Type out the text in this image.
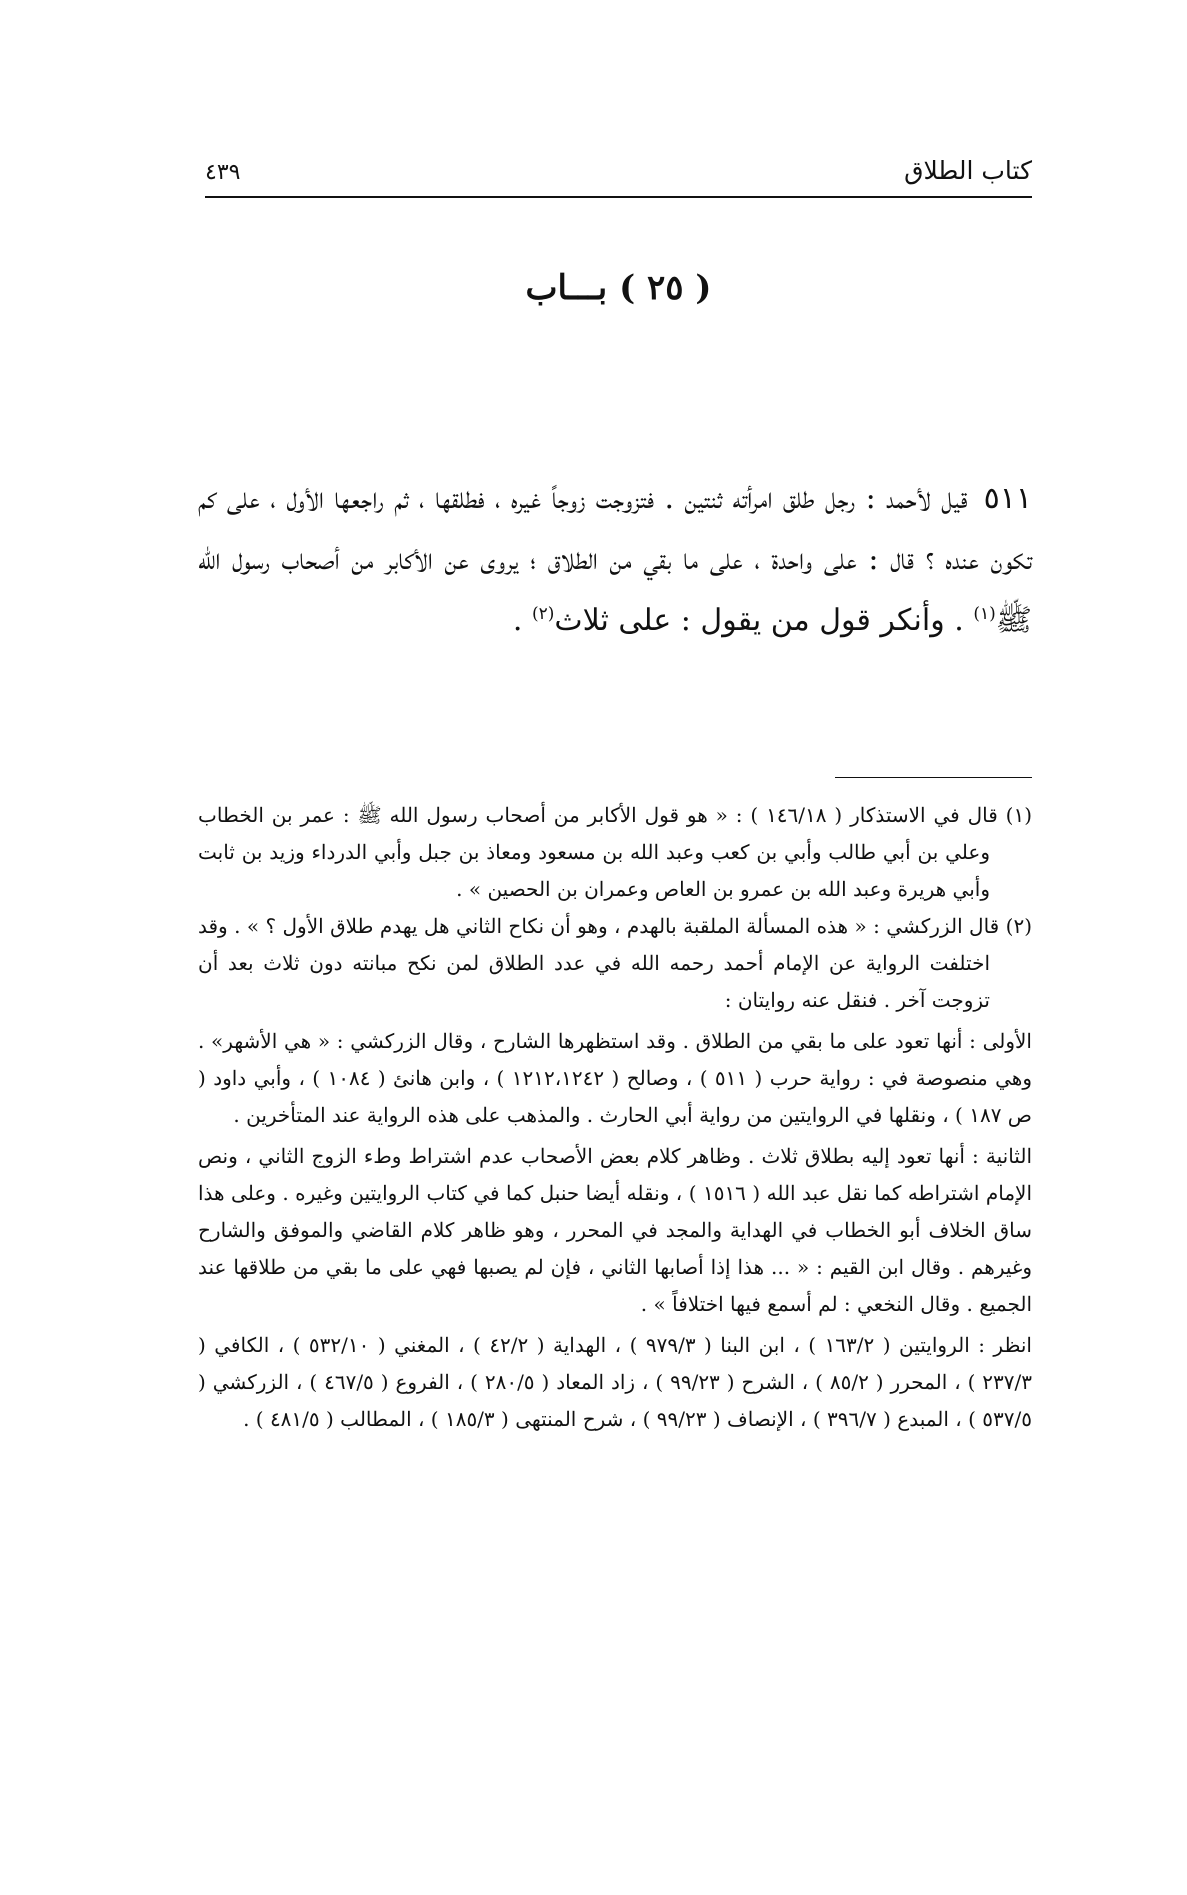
كتاب الطلاق
٤٣٩
( ٢٥ ) بـــاب
٥١١قيل لأحمد : رجل طلق امرأته ثنتين . فتزوجت زوجاً غيره ، فطلقها ، ثم راجعها الأول ، على كم تكون عنده ؟ قال : على واحدة ، على ما بقي من الطلاق ؛ يروى عن الأكابر من أصحاب رسول الله ﷺ$^{(١)}$ . وأنكر قول من يقول : على ثلاث$^{(٢)}$ .

(١) قال في الاستذكار ( ١٤٦/١٨ ) : « هو قول الأكابر من أصحاب رسول الله ﷺ : عمر بن الخطاب وعلي بن أبي طالب وأبي بن كعب وعبد الله بن مسعود ومعاذ بن جبل وأبي الدرداء وزيد بن ثابت وأبي هريرة وعبد الله بن عمرو بن العاص وعمران بن الحصين » .

(٢) قال الزركشي : « هذه المسألة الملقبة بالهدم ، وهو أن نكاح الثاني هل يهدم طلاق الأول ؟ » . وقد اختلفت الرواية عن الإمام أحمد رحمه الله في عدد الطلاق لمن نكح مبانته دون ثلاث بعد أن تزوجت آخر . فنقل عنه روايتان :

الأولى : أنها تعود على ما بقي من الطلاق . وقد استظهرها الشارح ، وقال الزركشي : « هي الأشهر» . وهي منصوصة في : رواية حرب ( ٥١١ ) ، وصالح ( ١٢١٢،١٢٤٢ ) ، وابن هانئ ( ١٠٨٤ ) ، وأبي داود ( ص ١٨٧ ) ، ونقلها في الروايتين من رواية أبي الحارث . والمذهب على هذه الرواية عند المتأخرين .

الثانية : أنها تعود إليه بطلاق ثلاث . وظاهر كلام بعض الأصحاب عدم اشتراط وطء الزوج الثاني ، ونص الإمام اشتراطه كما نقل عبد الله ( ١٥١٦ ) ، ونقله أيضا حنبل كما في كتاب الروايتين وغيره . وعلى هذا ساق الخلاف أبو الخطاب في الهداية والمجد في المحرر ، وهو ظاهر كلام القاضي والموفق والشارح وغيرهم . وقال ابن القيم : « ... هذا إذا أصابها الثاني ، فإن لم يصبها فهي على ما بقي من طلاقها عند الجميع . وقال النخعي : لم أسمع فيها اختلافاً » .

انظر : الروايتين ( ١٦٣/٢ ) ، ابن البنا ( ٩٧٩/٣ ) ، الهداية ( ٤٢/٢ ) ، المغني ( ٥٣٢/١٠ ) ، الكافي ( ٢٣٧/٣ ) ، المحرر ( ٨٥/٢ ) ، الشرح ( ٩٩/٢٣ ) ، زاد المعاد ( ٢٨٠/٥ ) ، الفروع ( ٤٦٧/٥ ) ، الزركشي ( ٥٣٧/٥ ) ، المبدع ( ٣٩٦/٧ ) ، الإنصاف ( ٩٩/٢٣ ) ، شرح المنتهى ( ١٨٥/٣ ) ، المطالب ( ٤٨١/٥ ) .
